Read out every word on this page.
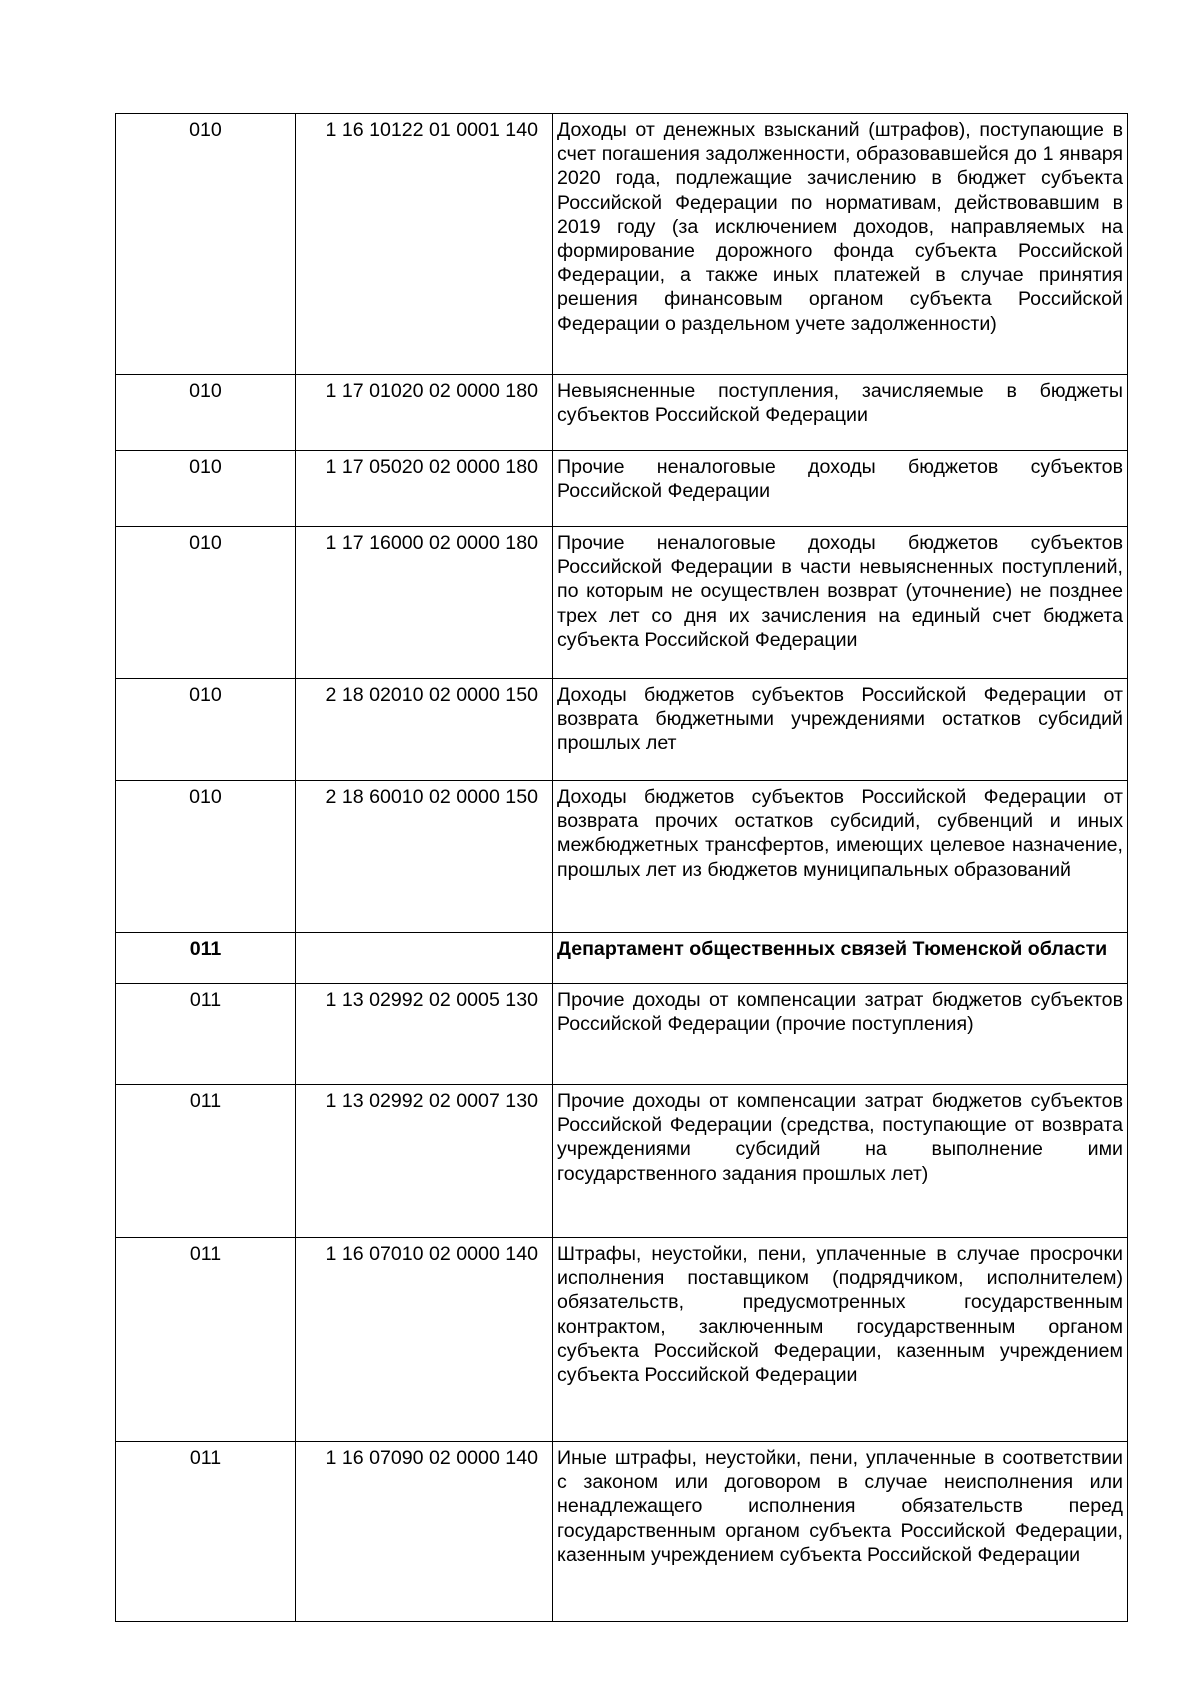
010	1 16 10122 01 0001 140	Доходы от денежных взысканий (штрафов), поступающие в счет погашения задолженности, образовавшейся до 1 января 2020 года, подлежащие зачислению в бюджет субъекта Российской Федерации по нормативам, действовавшим в 2019 году (за исключением доходов, направляемых на формирование дорожного фонда субъекта Российской Федерации, а также иных платежей в случае принятия решения финансовым органом субъекта Российской Федерации о раздельном учете задолженности)
010	1 17 01020 02 0000 180	Невыясненные поступления, зачисляемые в бюджеты субъектов Российской Федерации
010	1 17 05020 02 0000 180	Прочие неналоговые доходы бюджетов субъектов Российской Федерации
010	1 17 16000 02 0000 180	Прочие неналоговые доходы бюджетов субъектов Российской Федерации в части невыясненных поступлений, по которым не осуществлен возврат (уточнение) не позднее трех лет со дня их зачисления на единый счет бюджета субъекта Российской Федерации
010	2 18 02010 02 0000 150	Доходы бюджетов субъектов Российской Федерации от возврата бюджетными учреждениями остатков субсидий прошлых лет
010	2 18 60010 02 0000 150	Доходы бюджетов субъектов Российской Федерации от возврата прочих остатков субсидий, субвенций и иных межбюджетных трансфертов, имеющих целевое назначение, прошлых лет из бюджетов муниципальных образований
011		Департамент общественных связей Тюменской области
011	1 13 02992 02 0005 130	Прочие доходы от компенсации затрат бюджетов субъектов Российской Федерации (прочие поступления)
011	1 13 02992 02 0007 130	Прочие доходы от компенсации затрат бюджетов субъектов Российской Федерации (средства, поступающие от возврата учреждениями субсидий на выполнение ими государственного задания прошлых лет)
011	1 16 07010 02 0000 140	Штрафы, неустойки, пени, уплаченные в случае просрочки исполнения поставщиком (подрядчиком, исполнителем) обязательств, предусмотренных государственным контрактом, заключенным государственным органом субъекта Российской Федерации, казенным учреждением субъекта Российской Федерации
011	1 16 07090 02 0000 140	Иные штрафы, неустойки, пени, уплаченные в соответствии с законом или договором в случае неисполнения или ненадлежащего исполнения обязательств перед государственным органом субъекта Российской Федерации, казенным учреждением субъекта Российской Федерации
